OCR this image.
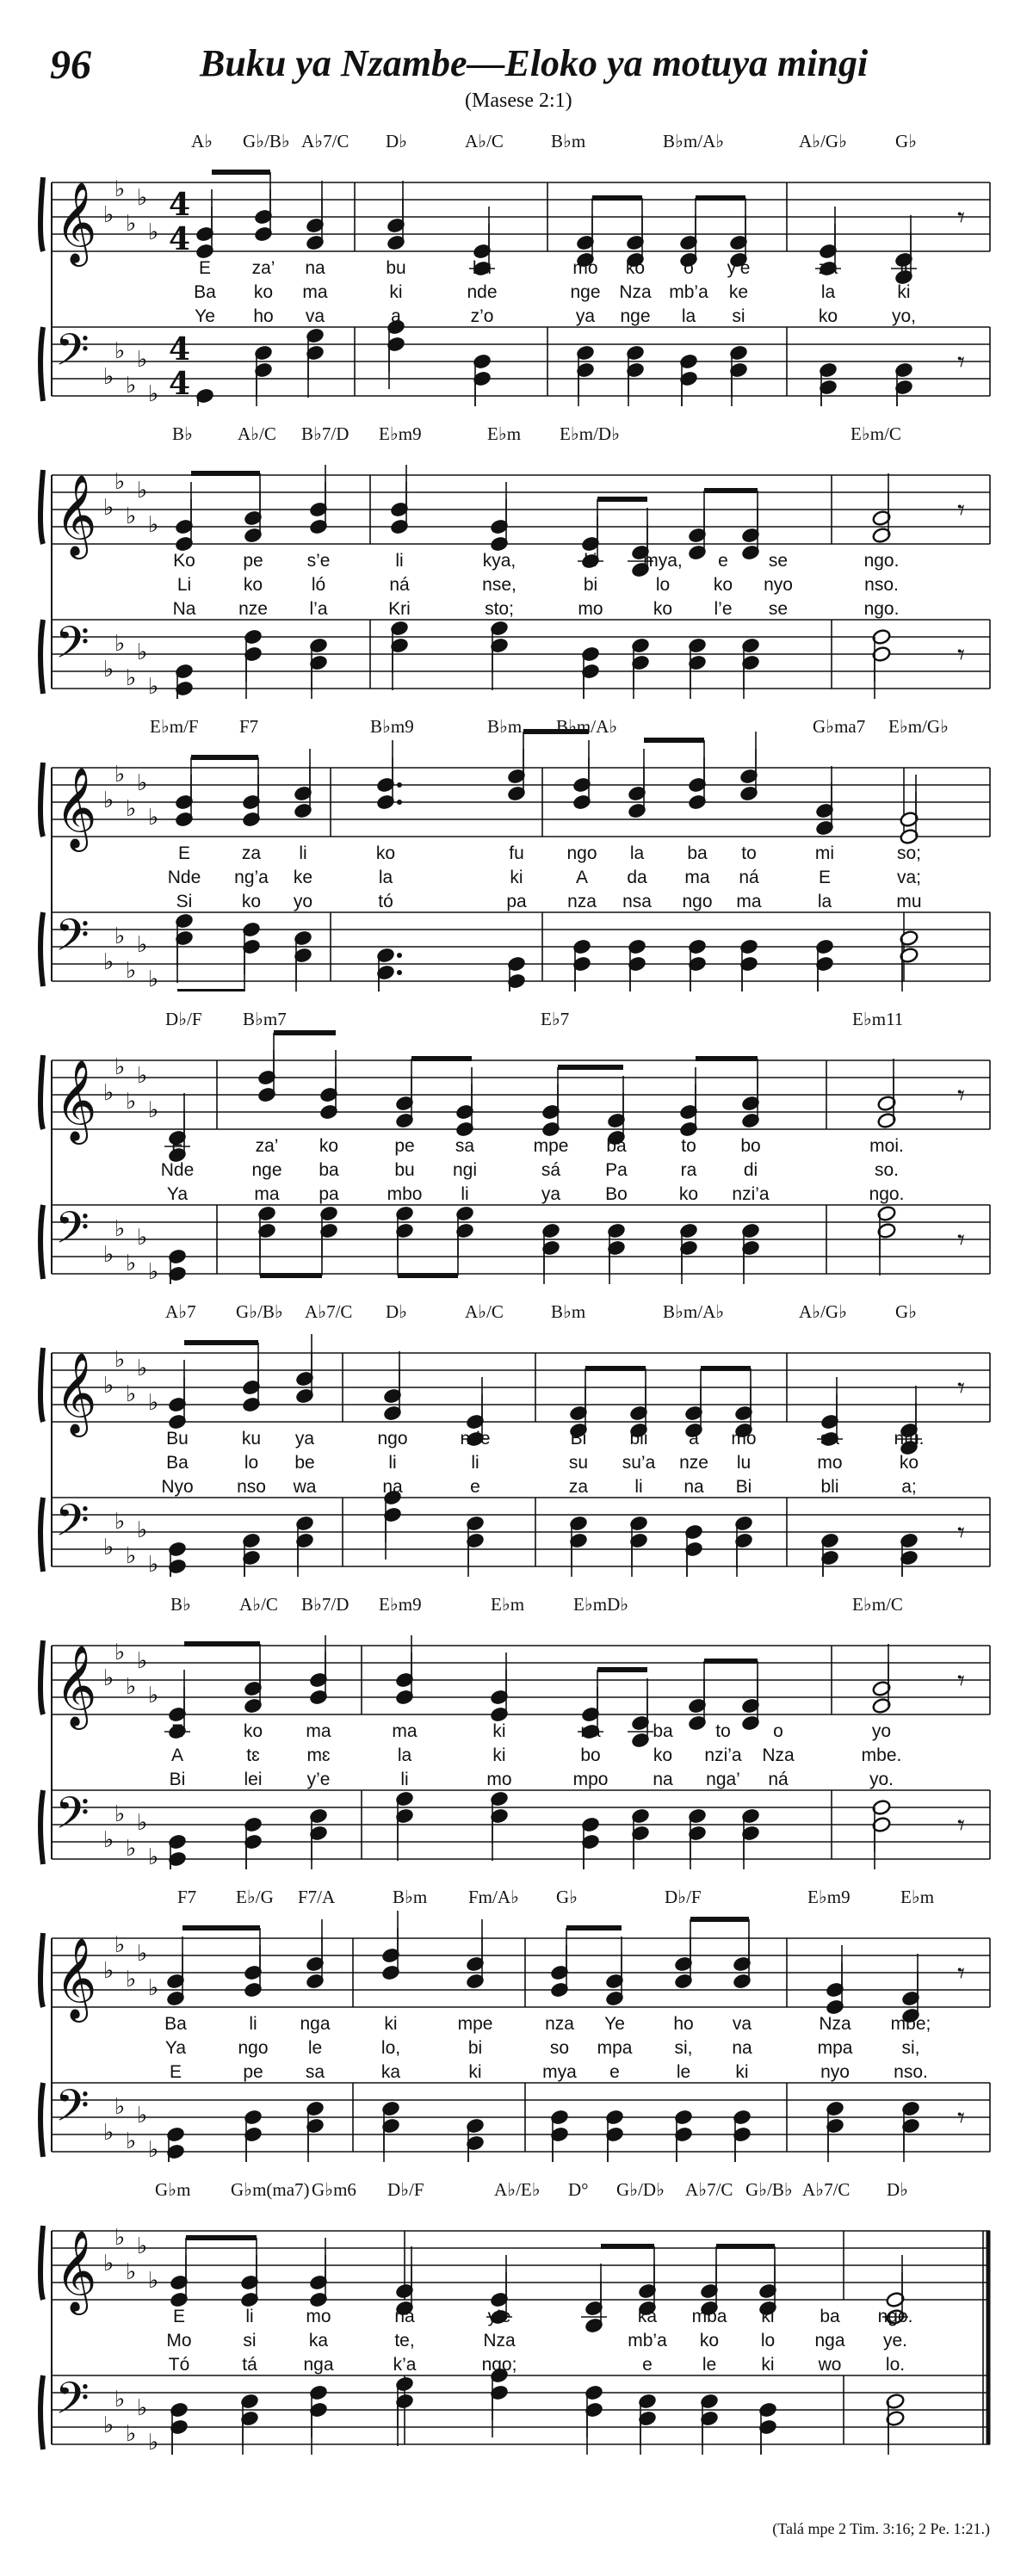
96	Buku ya Nzambe—Eloko ya motuya mingi
(Masese 2:1)
A♭ G♭/B♭ A♭7/C D♭	A♭/C	B♭m	B♭m/A♭	A♭/G♭	G♭
𝄞
𝄢
♭
♭
♭
♭
♭
♭
♭
♭
♭
♭
4
4
4
4
𝄾
𝄾
E za’ na	bu	ku	mo ko o y’e	za	li
Ba ko ma	ki	nde	nge Nza mb’a ke	la	ki
Ye ho va	a	z’o	ya nge la si	ko	yo,
B♭ A♭/C B♭7/D E♭m9	E♭m E♭m/D♭	E♭m/C
𝄞
𝄢
♭
♭
♭
♭
♭
♭
♭
♭
♭
♭
𝄾
𝄾
Ko	pe s’e	li	kya,	ki	mya, e se	ngo.
Li	ko	ló	ná	nse,	bi	lo ko nyo	nso.
Na nze l’a	Kri	sto;	mo	ko l’e se	ngo.
E♭m/F F7	B♭m9	B♭m B♭m/A♭	G♭ma7 E♭m/G♭
𝄞
𝄢
♭
♭
♭
♭
♭
♭
♭
♭
♭
♭
E	za li	ko	fu ngo la ba to	mi	so;
Nde ng’a ke	la	ki	A da ma ná	E	va;
Si	ko yo	tó	pa nza nsa ngo ma	la	mu
D♭/F B♭m7	E♭7	E♭m11
𝄞
𝄢
♭
♭
♭
♭
♭
♭
♭
♭
♭
♭
𝄾
𝄾
E	za’ ko	pe sa	mpe ba	to bo	moi.
Nde	nge ba	bu ngi	sá Pa	ra	di	so.
Ya	ma pa	mbo li	ya Bo	ko nzi’a	ngo.
A♭7 G♭/B♭ A♭7/C D♭	A♭/C	B♭m	B♭m/A♭	A♭/G♭	G♭
𝄞
𝄢
♭
♭
♭
♭
♭
♭
♭
♭
♭
♭
𝄾
𝄾
Bu	ku ya	ngo	nde	Bi bli a mo	sa	ntu.
Ba	lo be	li	li	su su’a nze lu	mo	ko
Nyo nso wa	na	e	za	li na Bi	bli	a;
B♭	A♭/C B♭7/D E♭m9	E♭m	E♭mD♭	E♭m/C
𝄞
𝄢
♭
♭
♭
♭
♭
♭
♭
♭
♭
♭
𝄾
𝄾
E	ko ma	ma	ki	na	ba to o	yo
A	tɛ	mɛ	la	ki	bo	ko nzi’a Nza	mbe.
Bi	lei y’e	li	mo	mpo na nga’ ná	yo.
F7 E♭/G F7/A	B♭m Fm/A♭ G♭	D♭/F	E♭m9	E♭m
𝄞
𝄢
♭
♭
♭
♭
♭
♭
♭
♭
♭
♭
𝄾
𝄾
Ba	li nga	ki	mpe	nza Ye	ho va	Nza mbe;
Ya	ngo le	lo,	bi	so mpa si, na	mpa	si,
E	pe sa	ka	ki	mya e	le ki	nyo nso.
G♭m G♭m(ma7) G♭m6 D♭/F	A♭/E♭ D° G♭/D♭ A♭7/C G♭/B♭ A♭7/C D♭
𝄞
𝄢
♭
♭
♭
♭
♭
♭
♭
♭
♭
♭
E	li	mo	na	y’e	ka mba ki	ba ngo.
Mo	si	ka	te,	Nza	mb’a ko lo nga ye.
Tó	tá	nga	k’a	ngo;	e	le ki wo lo.
(Talá mpe 2 Tim. 3:16; 2 Pe. 1:21.)
